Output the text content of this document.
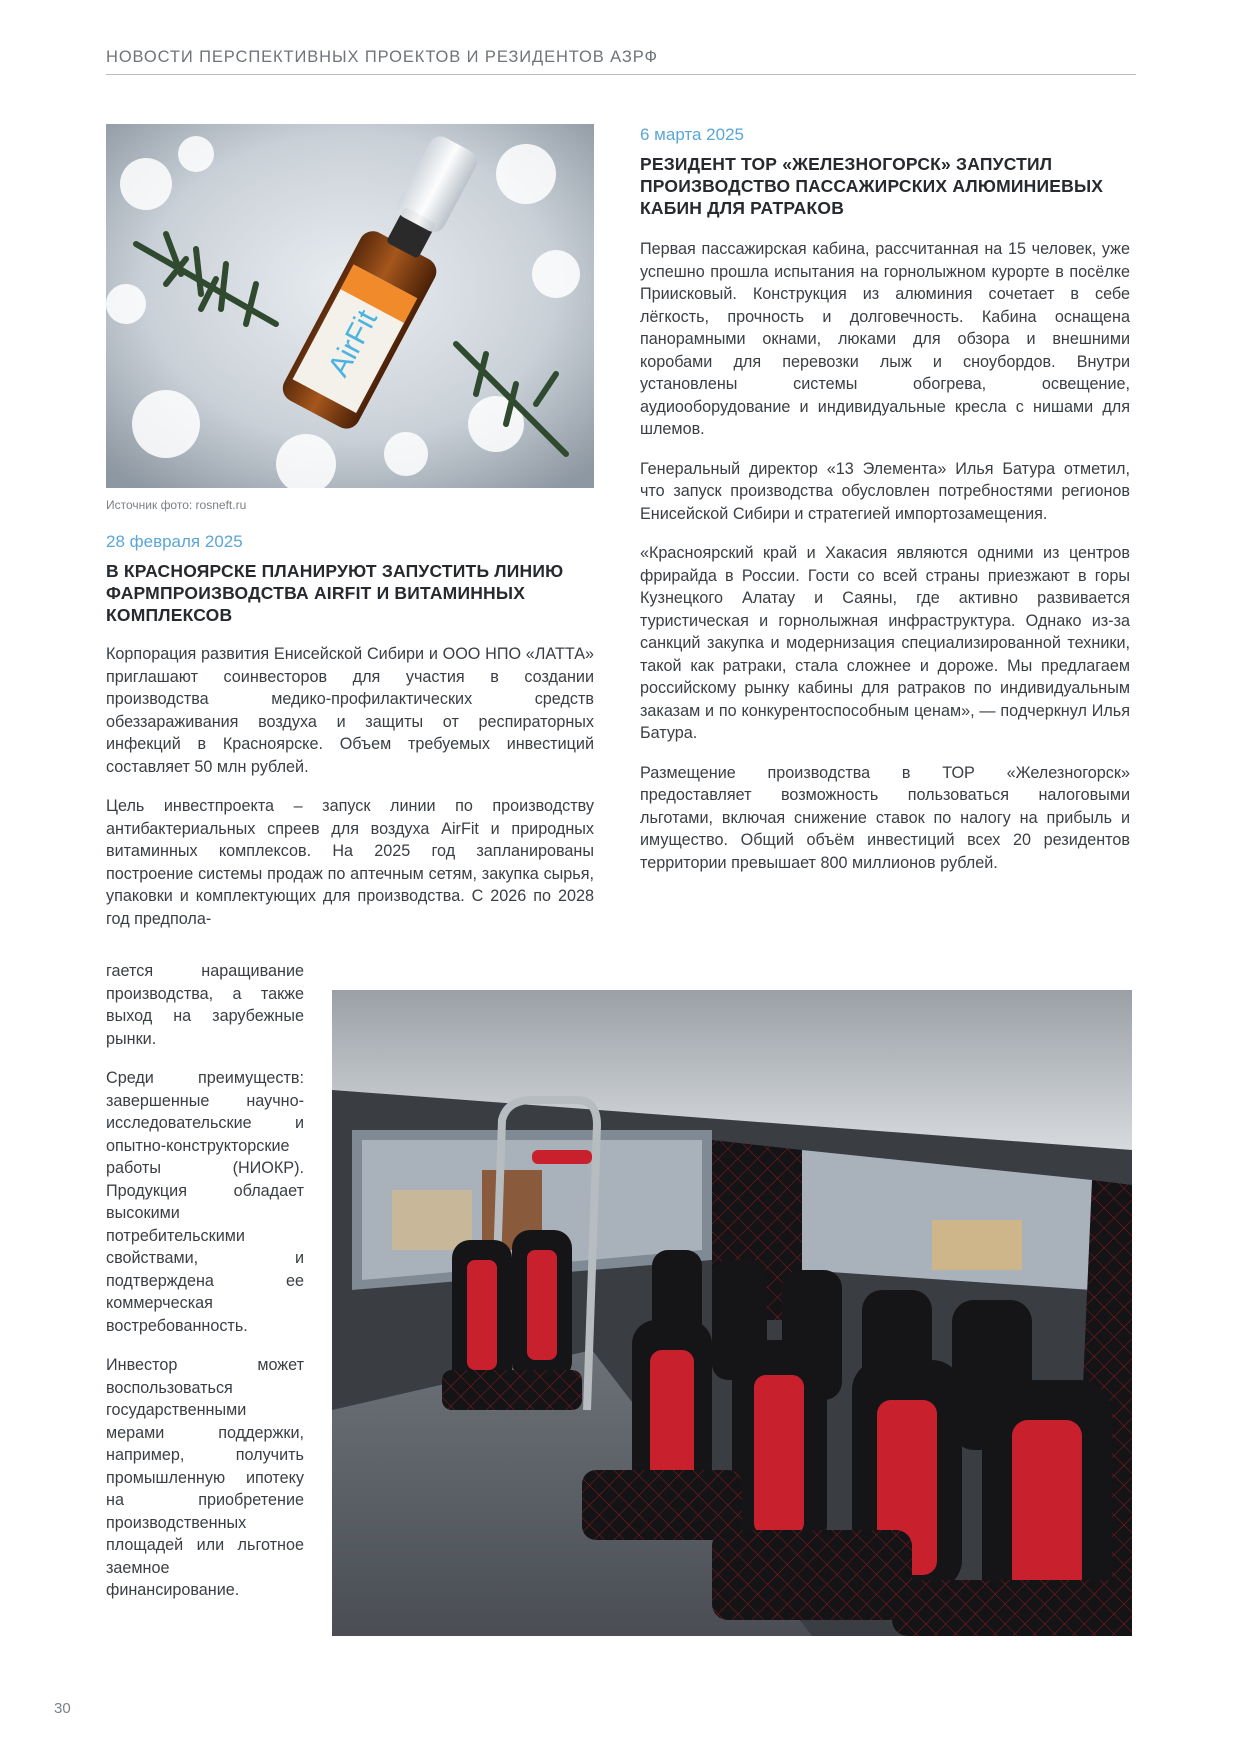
НОВОСТИ ПЕРСПЕКТИВНЫХ ПРОЕКТОВ И РЕЗИДЕНТОВ АЗРФ
AirFit
Источник фото: rosneft.ru
28 февраля 2025
В КРАСНОЯРСКЕ ПЛАНИРУЮТ ЗАПУСТИТЬ ЛИНИЮ ФАРМПРОИЗВОДСТВА AIRFIT И ВИТАМИННЫХ КОМПЛЕКСОВ

Корпорация развития Енисейской Сибири и ООО НПО «ЛАТТА» приглашают соинвесторов для участия в создании производства медико-профилактических средств обеззараживания воздуха и защиты от респираторных инфекций в Красноярске. Объем требуемых инвестиций составляет 50 млн рублей.

Цель инвестпроекта – запуск линии по производству антибактериальных спреев для воздуха AirFit и природных витаминных комплексов. На 2025 год запланированы построение системы продаж по аптечным сетям, закупка сырья, упаковки и комплектующих для производства. С 2026 по 2028 год предпола-

гается наращивание производства, а также выход на зарубежные рынки.

Среди преимуществ: завершенные научно-исследовательские и опытно-конструкторские работы (НИОКР). Продукция обладает высокими потребительскими свойствами, и подтверждена ее коммерческая востребованность.

Инвестор может воспользоваться государственными мерами поддержки, например, получить промышленную ипотеку на приобретение производственных площадей или льготное заемное финансирование.

6 марта 2025
РЕЗИДЕНТ ТОР «ЖЕЛЕЗНОГОРСК» ЗАПУСТИЛ ПРОИЗВОДСТВО ПАССАЖИРСКИХ АЛЮМИНИЕВЫХ КАБИН ДЛЯ РАТРАКОВ

Первая пассажирская кабина, рассчитанная на 15 человек, уже успешно прошла испытания на горнолыжном курорте в посёлке Приисковый. Конструкция из алюминия сочетает в себе лёгкость, прочность и долговечность. Кабина оснащена панорамными окнами, люками для обзора и внешними коробами для перевозки лыж и сноубордов. Внутри установлены системы обогрева, освещение, аудиооборудование и индивидуальные кресла с нишами для шлемов.

Генеральный директор «13 Элемента» Илья Батура отметил, что запуск производства обусловлен потребностями регионов Енисейской Сибири и стратегией импортозамещения.

«Красноярский край и Хакасия являются одними из центров фрирайда в России. Гости со всей страны приезжают в горы Кузнецкого Алатау и Саяны, где активно развивается туристическая и горнолыжная инфраструктура. Однако из-за санкций закупка и модернизация специализированной техники, такой как ратраки, стала сложнее и дороже. Мы предлагаем российскому рынку кабины для ратраков по индивидуальным заказам и по конкурентоспособным ценам», — подчеркнул Илья Батура.

Размещение производства в ТОР «Железногорск» предоставляет возможность пользоваться налоговыми льготами, включая снижение ставок по налогу на прибыль и имущество. Общий объём инвестиций всех 20 резидентов территории превышает 800 миллионов рублей.

30
